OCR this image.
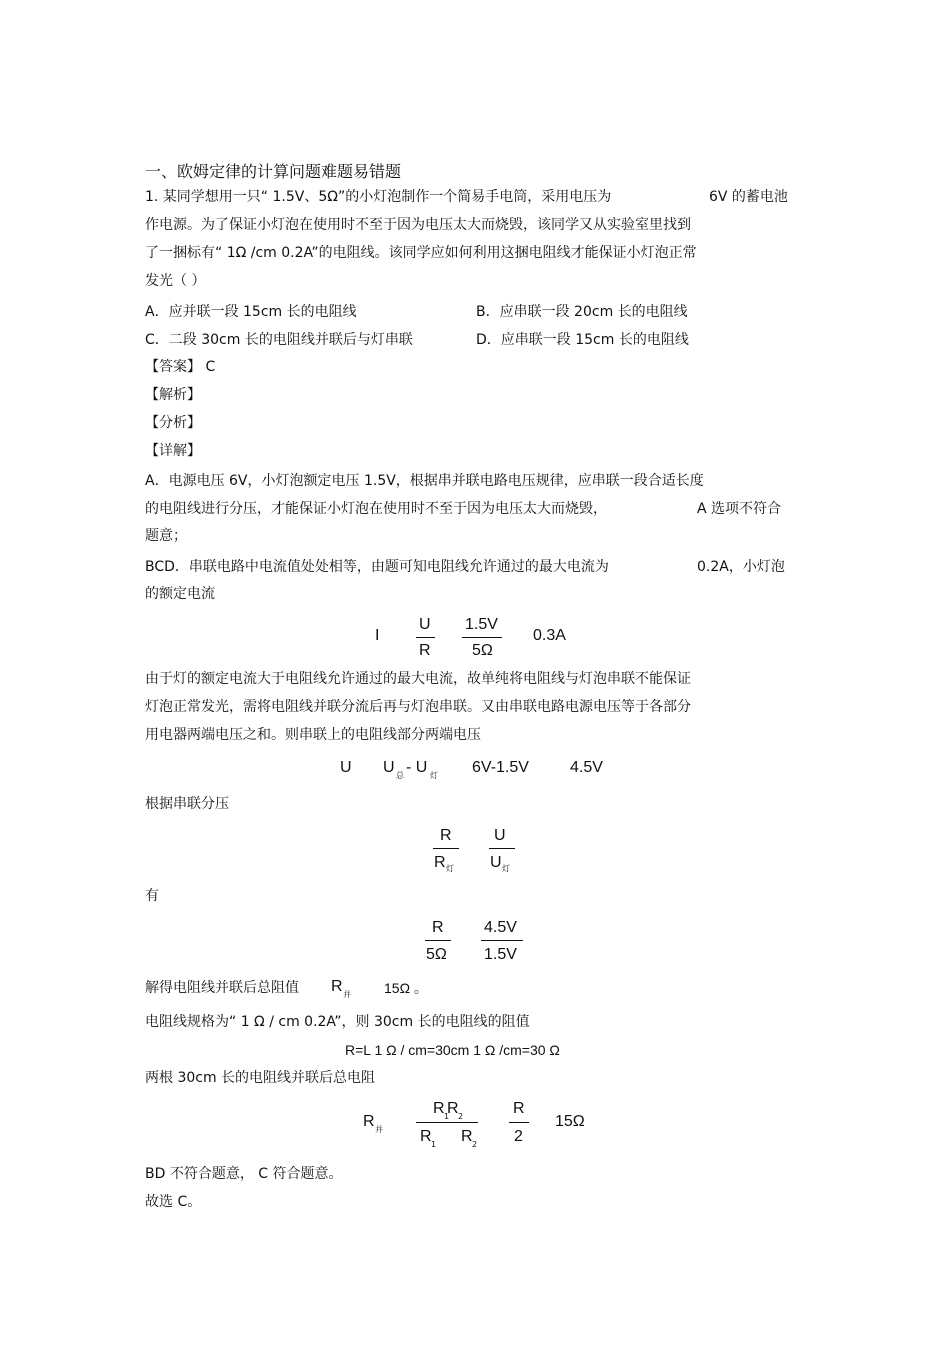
一、欧姆定律的计算问题难题易错题
1. 某同学想用一只“ 1.5V、5Ω”的小灯泡制作一个简易手电筒，采用电压为	6V 的蓄电池
作电源。为了保证小灯泡在使用时不至于因为电压太大而烧毁，该同学又从实验室里找到
了一捆标有“ 1Ω /cm 0.2A”的电阻线。该同学应如何利用这捆电阻线才能保证小灯泡正常
发光（ ）
A．应并联一段 15cm 长的电阻线	B．应串联一段 20cm 长的电阻线
C．二段 30cm 长的电阻线并联后与灯串联	D．应串联一段 15cm 长的电阻线
【答案】 C
【解析】
【分析】
【详解】
A．电源电压 6V，小灯泡额定电压 1.5V，根据串并联电路电压规律，应串联一段合适长度
的电阻线进行分压，才能保证小灯泡在使用时不至于因为电压太大而烧毁，	A 选项不符合
题意；
BCD．串联电路中电流值处处相等，由题可知电阻线允许通过的最大电流为	0.2A，小灯泡
的额定电流
I
U
R
1.5V
5Ω
0.3A
由于灯的额定电流大于电阻线允许通过的最大电流，故单纯将电阻线与灯泡串联不能保证
灯泡正常发光，需将电阻线并联分流后再与灯泡串联。又由串联电路电源电压等于各部分
用电器两端电压之和。则串联上的电阻线部分两端电压
U U 总 - U 灯 6V-1.5V	4.5V
根据串联分压
R
R 灯
U
U 灯
有
R
5Ω
4.5V
1.5V
解得电阻线并联后总阻值 R 并 15Ω 。
电阻线规格为“ 1 Ω / cm 0.2A”，则 30cm 长的电阻线的阻值
R=L 1 Ω / cm=30cm 1 Ω /cm=30 Ω
两根 30cm 长的电阻线并联后总电阻
R 并
R 1
R 2
R 1 R 2
R
2
15Ω
BD 不符合题意， C 符合题意。
故选 C。
